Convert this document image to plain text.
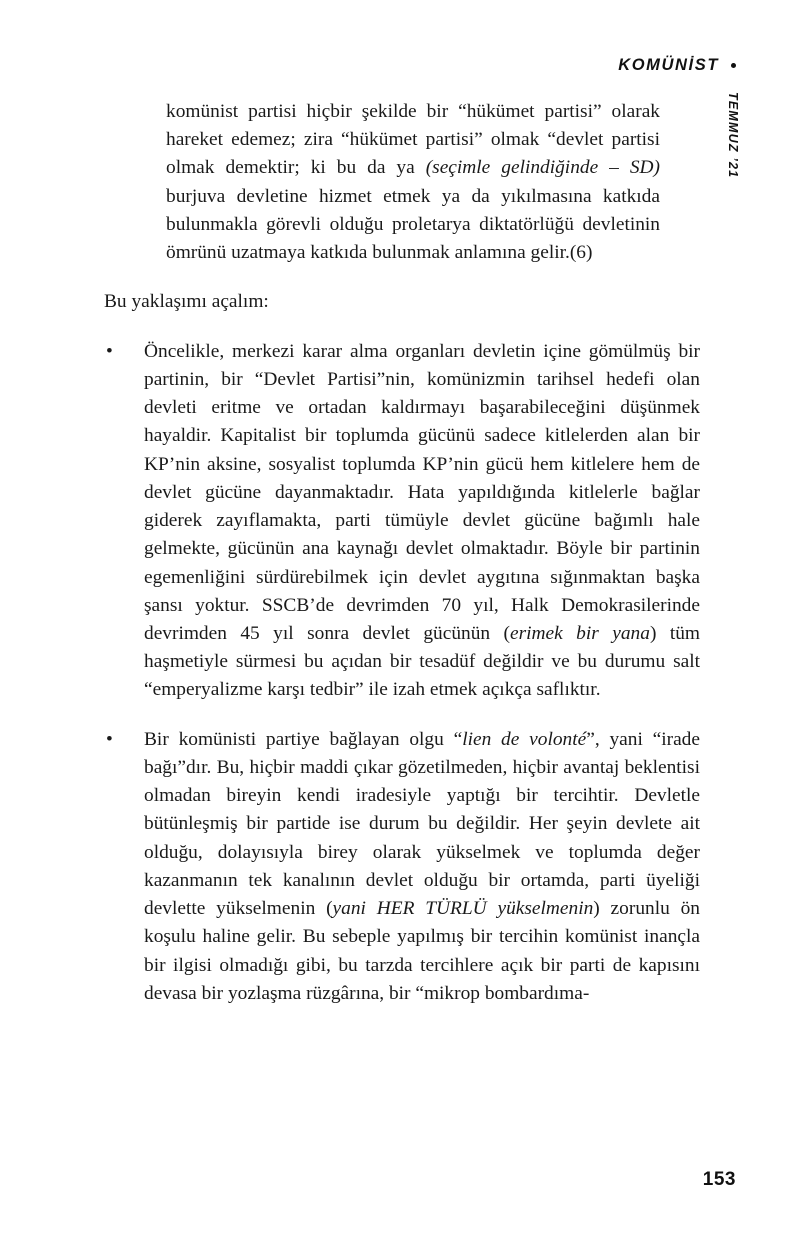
KOMÜNİST
TEMMUZ ’21

komünist partisi hiçbir şekilde bir “hükümet partisi” olarak hareket edemez; zira “hükümet partisi” olmak “devlet partisi olmak demektir; ki bu da ya (seçimle gelindiğinde – SD) burjuva devletine hizmet etmek ya da yıkılmasına katkıda bulunmakla görevli olduğu proletarya diktatörlüğü devletinin ömrünü uzatmaya katkıda bulunmak anlamına gelir.(6)

Bu yaklaşımı açalım:

• Öncelikle, merkezi karar alma organları devletin içine gömülmüş bir partinin, bir “Devlet Partisi”nin, komünizmin tarihsel hedefi olan devleti eritme ve ortadan kaldırmayı başarabileceğini düşünmek hayaldir. Kapitalist bir toplumda gücünü sadece kitlelerden alan bir KP’nin aksine, sosyalist toplumda KP’nin gücü hem kitlelere hem de devlet gücüne dayanmaktadır. Hata yapıldığında kitlelerle bağlar giderek zayıflamakta, parti tümüyle devlet gücüne bağımlı hale gelmekte, gücünün ana kaynağı devlet olmaktadır. Böyle bir partinin egemenliğini sürdürebilmek için devlet aygıtına sığınmaktan başka şansı yoktur. SSCB’de devrimden 70 yıl, Halk Demokrasilerinde devrimden 45 yıl sonra devlet gücünün (erimek bir yana) tüm haşmetiyle sürmesi bu açıdan bir tesadüf değildir ve bu durumu salt “emperyalizme karşı tedbir” ile izah etmek açıkça saflıktır.

• Bir komünisti partiye bağlayan olgu “lien de volonté”, yani “irade bağı”dır. Bu, hiçbir maddi çıkar gözetilmeden, hiçbir avantaj beklentisi olmadan bireyin kendi iradesiyle yaptığı bir tercihtir. Devletle bütünleşmiş bir partide ise durum bu değildir. Her şeyin devlete ait olduğu, dolayısıyla birey olarak yükselmek ve toplumda değer kazanmanın tek kanalının devlet olduğu bir ortamda, parti üyeliği devlette yükselmenin (yani HER TÜRLÜ yükselmenin) zorunlu ön koşulu haline gelir. Bu sebeple yapılmış bir tercihin komünist inançla bir ilgisi olmadığı gibi, bu tarzda tercihlere açık bir parti de kapısını devasa bir yozlaşma rüzgârına, bir “mikrop bombardıma-

153
